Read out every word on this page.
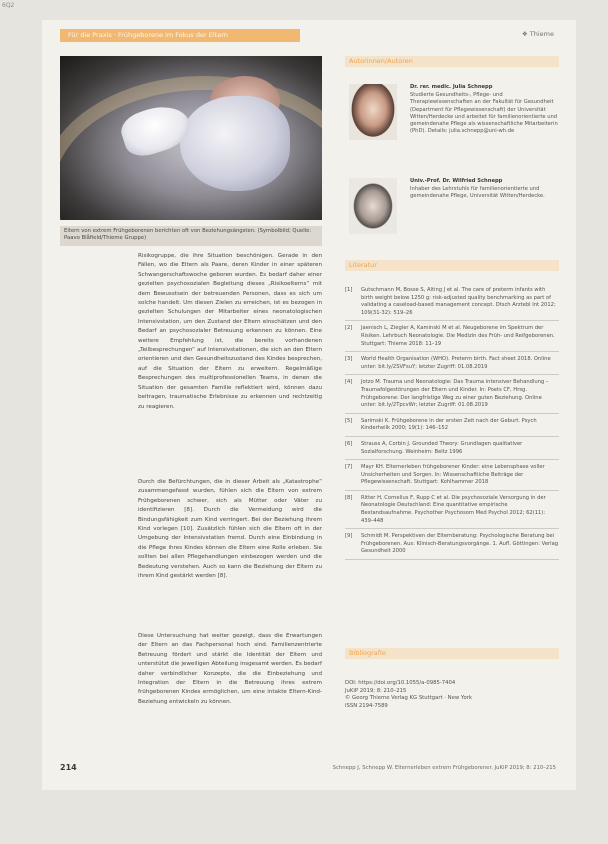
6Q2
Für die Praxis · Frühgeborene im Fokus der Eltern	❖ Thieme
Eltern von extrem Frühgeborenen berichten oft von Beziehungsängsten. (Symbolbild; Quelle: Paavo Blåfield/Thieme Gruppe)
Risikogruppe, die ihre Situation beschönigen. Gerade in den Fällen, wo die Eltern als Paare, deren Kinder in einer späteren Schwangerschaftswoche geboren wurden. Es bedarf daher einer gezielten psychosozialen Begleitung dieses „Risikoelterns“ mit dem Bewusstsein der betreuenden Personen, dass es sich um solche handelt. Um diesen Zielen zu erreichen, ist es bezogen in gezielten Schulungen der Mitarbeiter eines neonatologischen Intensivstation, um den Zustand der Eltern einschätzen und den Bedarf an psychosozialer Betreuung erkennen zu können. Eine weitere Empfehlung ist, die bereits vorhandenen „Teilbesprechungen“ auf Intensivstationen, die sich an den Eltern orientieren und den Gesundheitszustand des Kindes besprechen, auf die Situation der Eltern zu erweitern. Regelmäßige Besprechungen des multiprofessionellen Teams, in denen die Situation der gesamten Familie reflektiert wird, können dazu beitragen, traumatische Erlebnisse zu erkennen und rechtzeitig zu reagieren.
Durch die Befürchtungen, die in dieser Arbeit als „Katastrophe“ zusammengefasst wurden, fühlen sich die Eltern von extrem Frühgeborenen schwer, sich als Mütter oder Väter zu identifizieren [8]. Durch die Vermeidung wird die Bindungsfähigkeit zum Kind verringert. Bei der Beziehung ihrem Kind vorlegen [10]. Zusätzlich fühlen sich die Eltern oft in der Umgebung der Intensivstation fremd. Durch eine Einbindung in die Pflege ihres Kindes können die Eltern eine Rolle erleben. Sie sollten bei allen Pflegehandlungen einbezogen werden und die Bedeutung verstehen. Auch so kann die Beziehung der Eltern zu ihrem Kind gestärkt werden [8].
Diese Untersuchung hat weiter gezeigt, dass die Erwartungen der Eltern an das Fachpersonal hoch sind. Familienzentrierte Betreuung fördert und stärkt die Identität der Eltern und unterstützt die jeweiligen Abteilung insgesamt werden. Es bedarf daher verbindlicher Konzepte, die die Einbeziehung und Integration der Eltern in die Betreuung ihres extrem frühgeborenen Kindes ermöglichen, um eine intakte Eltern-Kind-Beziehung entwickeln zu können.
Autorinnen/Autoren
Dr. rer. medic. Julia Schnepp
Studierte Gesundheits-, Pflege- und Therapiewissenschaften an der Fakultät für Gesundheit (Department für Pflegewissenschaft) der Universität Witten/Herdecke und arbeitet für familienorientierte und gemeindenahe Pflege als wissenschaftliche Mitarbeiterin (PhD). Details: julia.schnepp@uni-wh.de
Univ.-Prof. Dr. Wilfried Schnepp
Inhaber des Lehrstuhls für familienorientierte und gemeindenahe Pflege, Universität Witten/Herdecke.
Literatur
[1] Gutschmann M, Bosse S, Alting J et al. The care of preterm infants with birth weight below 1250 g: risk-adjusted quality benchmarking as part of validating a caseload-based management concept. Dtsch Arztebl Int 2012; 109(31-32): 519–26
[2] Jaenisch L, Ziegler A, Kaminski M et al. Neugeborene im Spektrum der Risiken. Lehrbuch Neonatologie. Die Medizin des Früh- und Reifgeborenen. Stuttgart: Thieme 2018: 11–19
[3] World Health Organisation (WHO). Preterm birth. Fact sheet 2018. Online unter: bit.ly/2SVFsuY; letzter Zugriff: 01.08.2019
[4] Jotzo M. Trauma und Neonatologie: Das Trauma intensiver Behandlung – Traumafolgestörungen der Eltern und Kinder. In: Poets CF, Hrsg. Frühgeborene: Der langfristige Weg zu einer guten Beziehung. Online unter: bit.ly/2TpcvWr; letzter Zugriff: 01.08.2019
[5] Sarimski K. Frühgeborene in der ersten Zeit nach der Geburt. Psych Kinderheilk 2000; 19(1): 146–152
[6] Strauss A, Corbin J. Grounded Theory: Grundlagen qualitativer Sozialforschung. Weinheim: Beltz 1996
[7] Mayr KH. Elternerleben frühgeborener Kinder: eine Lebensphase voller Unsicherheiten und Sorgen. In: Wissenschaftliche Beiträge der Pflegewissenschaft. Stuttgart: Kohlhammer 2018
[8] Ritter H, Cornelius F, Rupp C et al. Die psychosoziale Versorgung in der Neonatologie Deutschland: Eine quantitative empirische Bestandsaufnahme. Psychother Psychosom Med Psychol 2012; 62(11): 439–448
[9] Schmidt M. Perspektiven der Elternberatung: Psychologische Beratung bei Frühgeborenen. Aus: Klinisch-Beratungsvorgänge. 1. Aufl. Göttingen: Verlag Gesundheit 2000
Bibliografie
DOI: https://doi.org/10.1055/a-0985-7404
JuKiP 2019; 8: 210–215
© Georg Thieme Verlag KG Stuttgart · New York
ISSN 2194-7589
214	Schnepp J, Schnepp W. Elternerleben extrem Frühgeborener. JuKiP 2019; 8: 210–215
